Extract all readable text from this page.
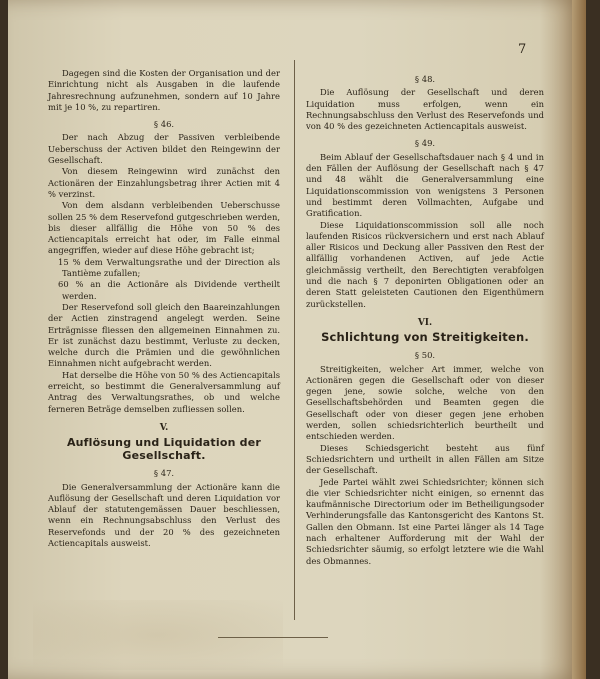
7

Dagegen sind die Kosten der Organisation und der Einrichtung nicht als Ausgaben in die laufende Jahresrechnung aufzunehmen, sondern auf 10 Jahre mit je 10 %, zu repartiren.

§ 46.

Der nach Abzug der Passiven verbleibende Ueberschuss der Activen bildet den Reingewinn der Gesellschaft.

Von diesem Reingewinn wird zunächst den Actionären der Einzahlungsbetrag ihrer Actien mit 4 % verzinst.

Von dem alsdann verbleibenden Ueberschusse sollen 25 % dem Reservefond gutgeschrieben werden, bis dieser allfällig die Höhe von 50 % des Actiencapitals erreicht hat oder, im Falle einmal angegriffen, wieder auf diese Höhe gebracht ist;

15 % dem Verwaltungsrathe und der Direction als Tantième zufallen;

60 % an die Actionäre als Dividende vertheilt werden.

Der Reservefond soll gleich den Baareinzahlungen der Actien zinstragend angelegt werden. Seine Erträgnisse fliessen den allgemeinen Einnahmen zu. Er ist zunächst dazu bestimmt, Verluste zu decken, welche durch die Prämien und die gewöhnlichen Einnahmen nicht aufgebracht werden.

Hat derselbe die Höhe von 50 % des Actiencapitals erreicht, so bestimmt die Generalversammlung auf Antrag des Verwaltungsrathes, ob und welche ferneren Beträge demselben zufliessen sollen.

V.

Auflösung und Liquidation der Gesellschaft.

§ 47.

Die Generalversammlung der Actionäre kann die Auflösung der Gesellschaft und deren Liquidation vor Ablauf der statutengemässen Dauer beschliessen, wenn ein Rechnungsabschluss den Verlust des Reservefonds und der 20 % des gezeichneten Actiencapitals ausweist.

§ 48.

Die Auflösung der Gesellschaft und deren Liquidation muss erfolgen, wenn ein Rechnungsabschluss den Verlust des Reservefonds und von 40 % des gezeichneten Actiencapitals ausweist.

§ 49.

Beim Ablauf der Gesellschaftsdauer nach § 4 und in den Fällen der Auflösung der Gesellschaft nach § 47 und 48 wählt die Generalversammlung eine Liquidationscommission von wenigstens 3 Personen und bestimmt deren Vollmachten, Aufgabe und Gratification.

Diese Liquidationscommission soll alle noch laufenden Risicos rückversichern und erst nach Ablauf aller Risicos und Deckung aller Passiven den Rest der allfällig vorhandenen Activen, auf jede Actie gleichmässig vertheilt, den Berechtigten verabfolgen und die nach § 7 deponirten Obligationen oder an deren Statt geleisteten Cautionen den Eigenthümern zurückstellen.

VI.

Schlichtung von Streitigkeiten.

§ 50.

Streitigkeiten, welcher Art immer, welche von Actionären gegen die Gesellschaft oder von dieser gegen jene, sowie solche, welche von den Gesellschaftsbehörden und Beamten gegen die Gesellschaft oder von dieser gegen jene erhoben werden, sollen schiedsrichterlich beurtheilt und entschieden werden.

Dieses Schiedsgericht besteht aus fünf Schiedsrichtern und urtheilt in allen Fällen am Sitze der Gesellschaft.

Jede Partei wählt zwei Schiedsrichter; können sich die vier Schiedsrichter nicht einigen, so ernennt das kaufmännische Directorium oder im Betheiligungsoder Verhinderungsfalle das Kantonsgericht des Kantons St. Gallen den Obmann. Ist eine Partei länger als 14 Tage nach erhaltener Aufforderung mit der Wahl der Schiedsrichter säumig, so erfolgt letztere wie die Wahl des Obmannes.
